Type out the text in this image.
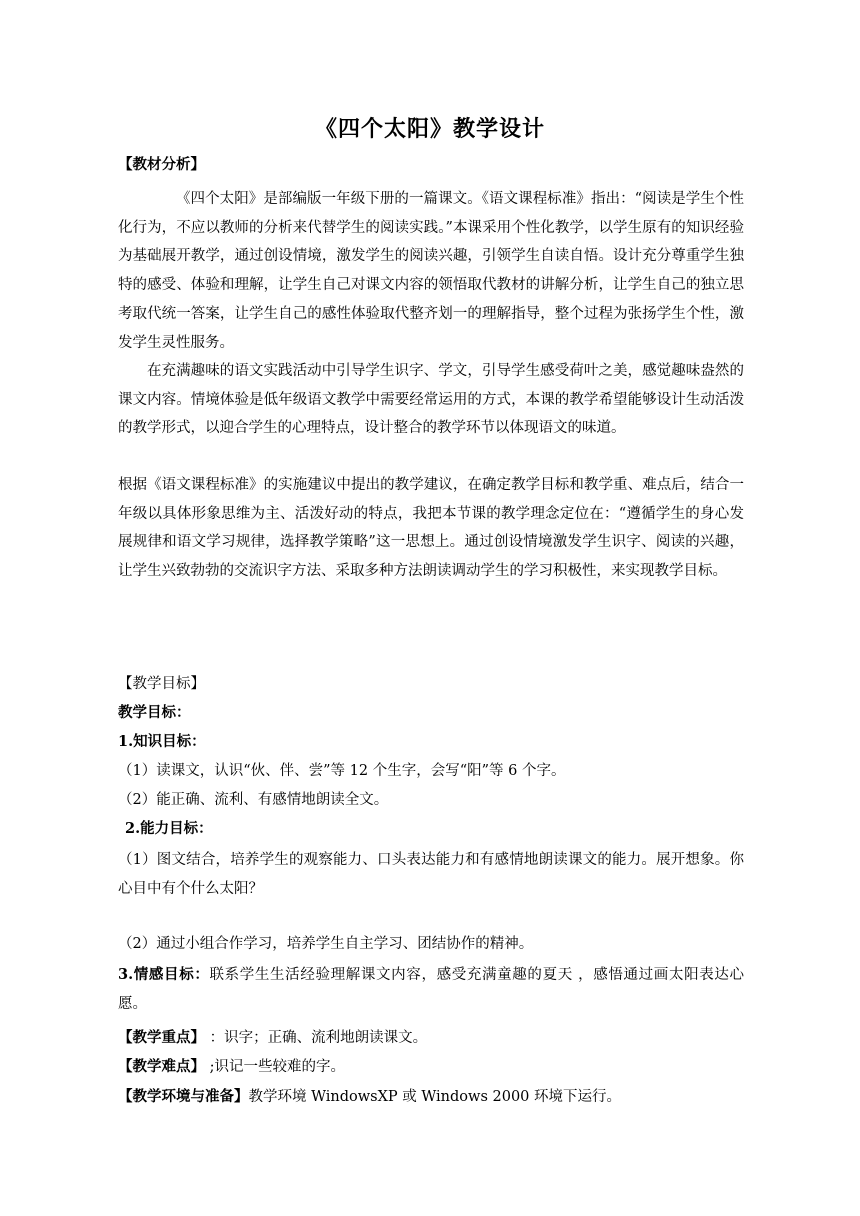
《四个太阳》教学设计
【教材分析】
《四个太阳》是部编版一年级下册的一篇课文。《语文课程标准》指出：“阅读是学生个性化行为，不应以教师的分析来代替学生的阅读实践。”本课采用个性化教学，以学生原有的知识经验为基础展开教学，通过创设情境，激发学生的阅读兴趣，引领学生自读自悟。设计充分尊重学生独特的感受、体验和理解，让学生自己对课文内容的领悟取代教材的讲解分析，让学生自己的独立思考取代统一答案，让学生自己的感性体验取代整齐划一的理解指导，整个过程为张扬学生个性，激发学生灵性服务。
在充满趣味的语文实践活动中引导学生识字、学文，引导学生感受荷叶之美，感觉趣味盎然的课文内容。情境体验是低年级语文教学中需要经常运用的方式，本课的教学希望能够设计生动活泼的教学形式，以迎合学生的心理特点，设计整合的教学环节以体现语文的味道。
根据《语文课程标准》的实施建议中提出的教学建议，在确定教学目标和教学重、难点后，结合一年级以具体形象思维为主、活泼好动的特点，我把本节课的教学理念定位在：“遵循学生的身心发展规律和语文学习规律，选择教学策略”这一思想上。通过创设情境激发学生识字、阅读的兴趣，让学生兴致勃勃的交流识字方法、采取多种方法朗读调动学生的学习积极性，来实现教学目标。
【教学目标】
教学目标：
1.知识目标：
（1）读课文，认识“伙、伴、尝”等 12 个生字，会写“阳”等 6 个字。
（2）能正确、流利、有感情地朗读全文。
2.能力目标：
（1）图文结合，培养学生的观察能力、口头表达能力和有感情地朗读课文的能力。展开想象。你心目中有个什么太阳？
（2）通过小组合作学习，培养学生自主学习、团结协作的精神。
3.情感目标：联系学生生活经验理解课文内容，感受充满童趣的夏天 ，感悟通过画太阳表达心愿。
【教学重点】 ：识字；正确、流利地朗读课文。
【教学难点】 ;识记一些较难的字。
【教学环境与准备】教学环境 WindowsXP 或 Windows 2000 环境下运行。
